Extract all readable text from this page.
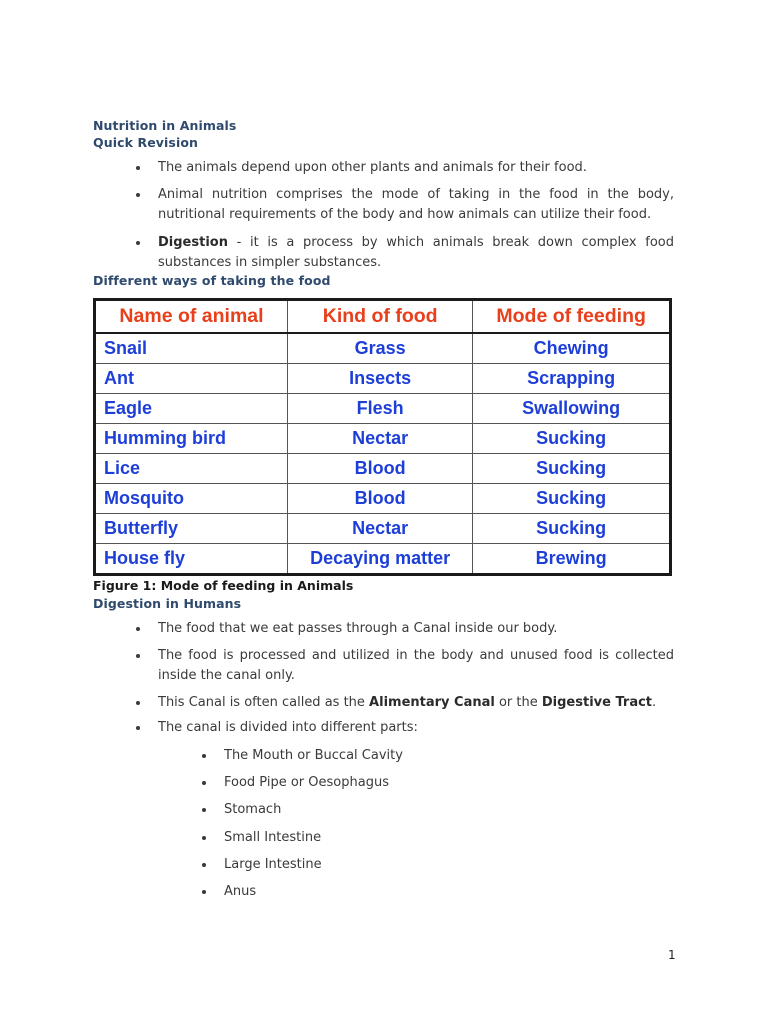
Nutrition in Animals
Quick Revision
The animals depend upon other plants and animals for their food.
Animal nutrition comprises the mode of taking in the food in the body, nutritional requirements of the body and how animals can utilize their food.
Digestion - it is a process by which animals break down complex food substances in simpler substances.
Different ways of taking the food
Name of animal	Kind of food	Mode of feeding
Snail	Grass	Chewing
Ant	Insects	Scrapping
Eagle	Flesh	Swallowing
Humming bird	Nectar	Sucking
Lice	Blood	Sucking
Mosquito	Blood	Sucking
Butterfly	Nectar	Sucking
House fly	Decaying matter	Brewing
Figure 1: Mode of feeding in Animals
Digestion in Humans
The food that we eat passes through a Canal inside our body.
The food is processed and utilized in the body and unused food is collected inside the canal only.
This Canal is often called as the Alimentary Canal or the Digestive Tract.
The canal is divided into different parts:
The Mouth or Buccal Cavity
Food Pipe or Oesophagus
Stomach
Small Intestine
Large Intestine
Anus
1
